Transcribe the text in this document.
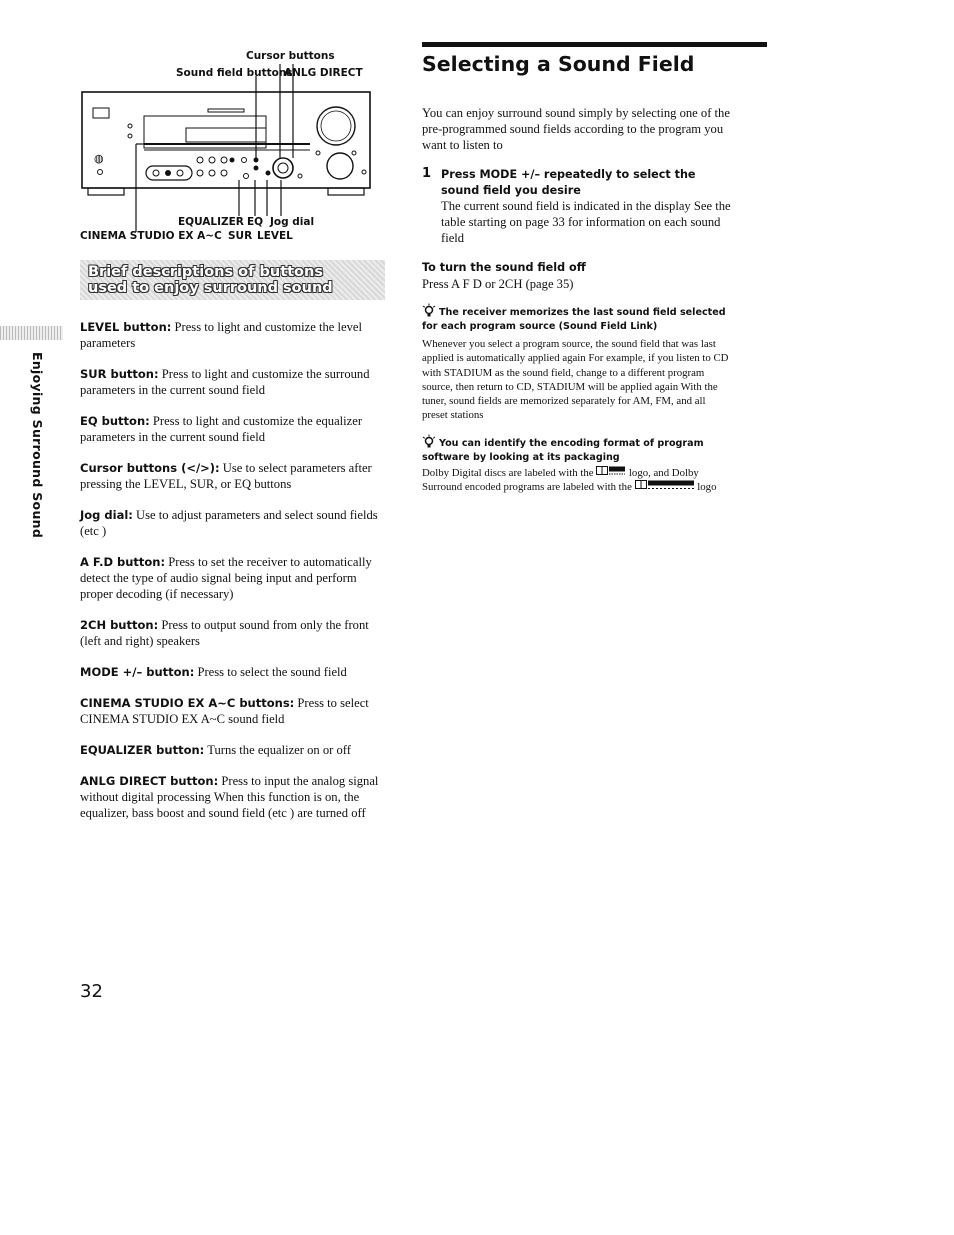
◍
Cursor buttons
Sound field buttons
ANLG DIRECT
EQUALIZER EQ Jog dial
CINEMA STUDIO EX A~C SUR LEVEL
Brief descriptions of buttons used to enjoy surround sound
Enjoying Surround Sound
LEVEL button: Press to light and customize the level parameters
SUR button: Press to light and customize the surround parameters in the current sound field
EQ button: Press to light and customize the equalizer parameters in the current sound field
Cursor buttons (</>): Use to select parameters after pressing the LEVEL, SUR, or EQ buttons
Jog dial: Use to adjust parameters and select sound fields (etc )
A F.D button: Press to set the receiver to automatically detect the type of audio signal being input and perform proper decoding (if necessary)
2CH button: Press to output sound from only the front (left and right) speakers
MODE +/– button: Press to select the sound field
CINEMA STUDIO EX A~C buttons: Press to select CINEMA STUDIO EX A~C sound field
EQUALIZER button: Turns the equalizer on or off
ANLG DIRECT button: Press to input the analog signal without digital processing When this function is on, the equalizer, bass boost and sound field (etc ) are turned off
32
Selecting a Sound Field
You can enjoy surround sound simply by selecting one of the pre-programmed sound fields according to the program you want to listen to
1 Press MODE +/– repeatedly to select the sound field you desire
The current sound field is indicated in the display See the table starting on page 33 for information on each sound field
To turn the sound field off
Press A F D or 2CH (page 35)
The receiver memorizes the last sound field selected for each program source (Sound Field Link)
Whenever you select a program source, the sound field that was last applied is automatically applied again For example, if you listen to CD with STADIUM as the sound field, change to a different program source, then return to CD, STADIUM will be applied again With the tuner, sound fields are memorized separately for AM, FM, and all preset stations
You can identify the encoding format of program software by looking at its packaging
Dolby Digital discs are labeled with the	logo, and Dolby Surround encoded programs are labeled with the	logo
